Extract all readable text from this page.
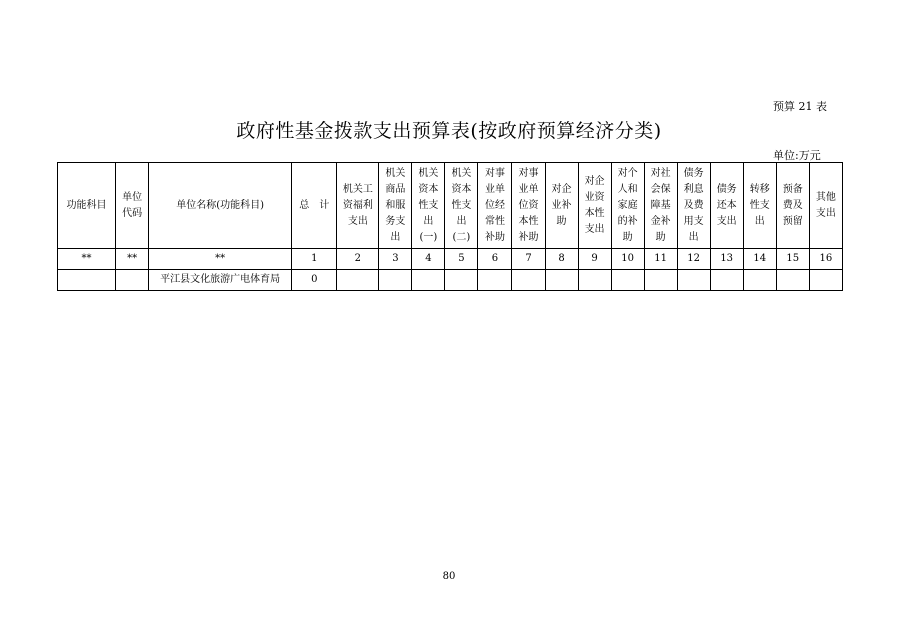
预算 21 表
政府性基金拨款支出预算表(按政府预算经济分类)
单位:万元
功能科目	单位代码	单位名称(功能科目)	总　计	机关工资福利支出	机关商品和服务支出	机关资本性支出(一)	机关资本性支出(二)	对事业单位经常性补助	对事业单位资本性补助	对企业补助	对企业资本性支出	对个人和家庭的补助	对社会保障基金补助	债务利息及费用支出	债务还本支出	转移性支出	预备费及预留	其他支出
**	**	**	1	2	3	4	5	6	7	8	9	10	11	12	13	14	15	16
		平江县文化旅游广电体育局	0															
80
